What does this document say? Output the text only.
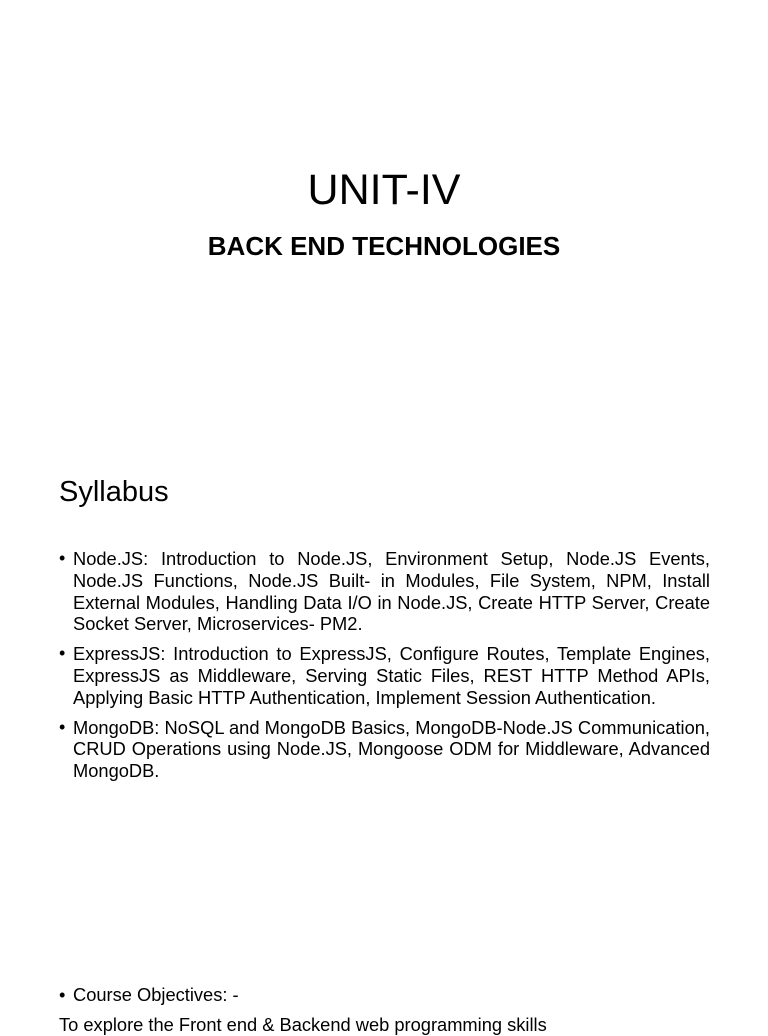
UNIT-IV
BACK END TECHNOLOGIES
Syllabus
• Node.JS: Introduction to Node.JS, Environment Setup, Node.JS Events, Node.JS Functions, Node.JS Built- in Modules, File System, NPM, Install External Modules, Handling Data I/O in Node.JS, Create HTTP Server, Create Socket Server, Microservices- PM2.
• ExpressJS: Introduction to ExpressJS, Configure Routes, Template Engines, ExpressJS as Middleware, Serving Static Files, REST HTTP Method APIs, Applying Basic HTTP Authentication, Implement Session Authentication.
• MongoDB: NoSQL and MongoDB Basics, MongoDB-Node.JS Communication, CRUD Operations using Node.JS, Mongoose ODM for Middleware, Advanced MongoDB.
• Course Objectives: -
To explore the Front end & Backend web programming skills
